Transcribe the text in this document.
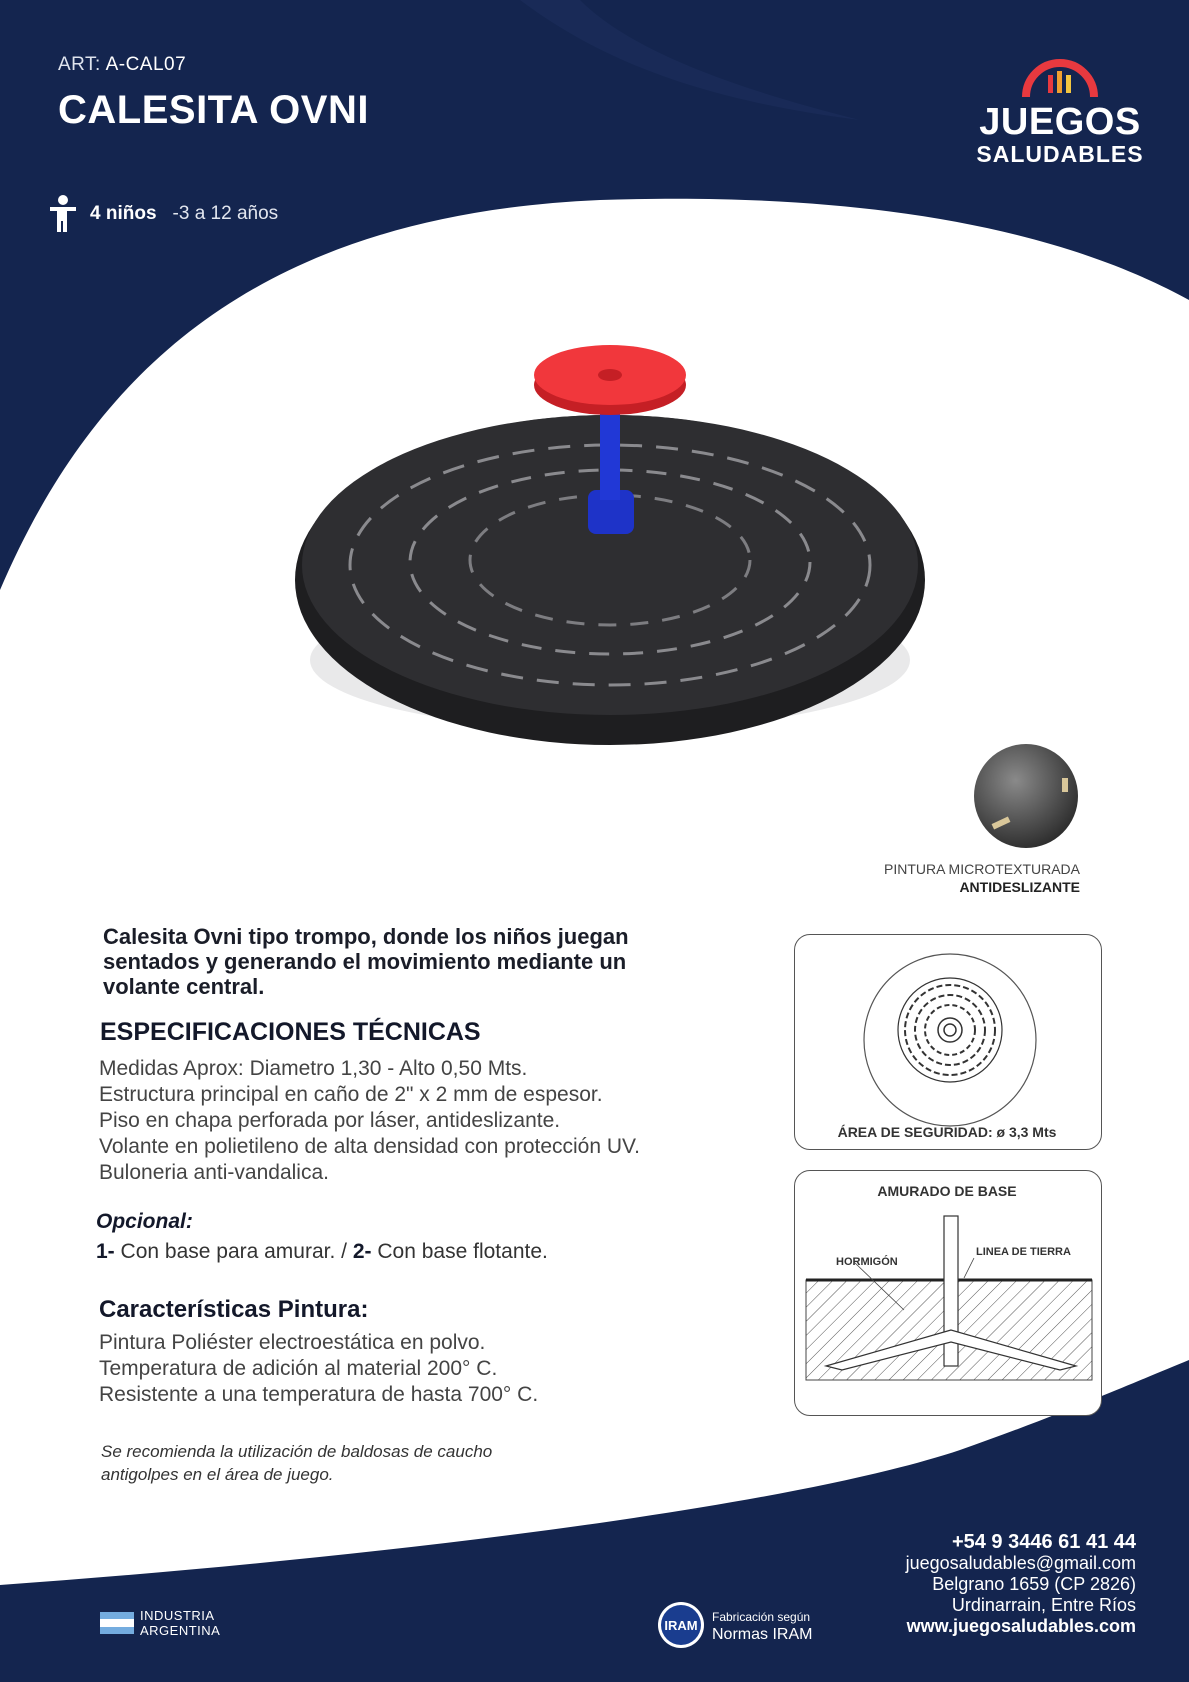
ART: A-CAL07
CALESITA OVNI
4 niños -3 a 12 años
JUEGOS
SALUDABLES
PINTURA MICROTEXTURADA
ANTIDESLIZANTE
Calesita Ovni tipo trompo, donde los niños juegan sentados y generando el movimiento mediante un volante central.
ESPECIFICACIONES TÉCNICAS
Medidas Aprox: Diametro 1,30 - Alto 0,50 Mts.
Estructura principal en caño de 2" x 2 mm de espesor.
Piso en chapa perforada por láser, antideslizante.
Volante en polietileno de alta densidad con protección UV.
Buloneria anti-vandalica.
Opcional:
1- Con base para amurar. / 2- Con base flotante.
Características Pintura:
Pintura Poliéster electroestática en polvo.
Temperatura de adición al material 200° C.
Resistente a una temperatura de hasta 700° C.
Se recomienda la utilización de baldosas de caucho
antigolpes en el área de juego.
ÁREA DE SEGURIDAD: ø 3,3 Mts
AMURADO DE BASE
HORMIGÓN
LINEA DE TIERRA
+54 9 3446 61 41 44
juegosaludables@gmail.com
Belgrano 1659 (CP 2826)
Urdinarrain, Entre Ríos
www.juegosaludables.com
INDUSTRIA
ARGENTINA	IRAM
Fabricación según
Normas IRAM
